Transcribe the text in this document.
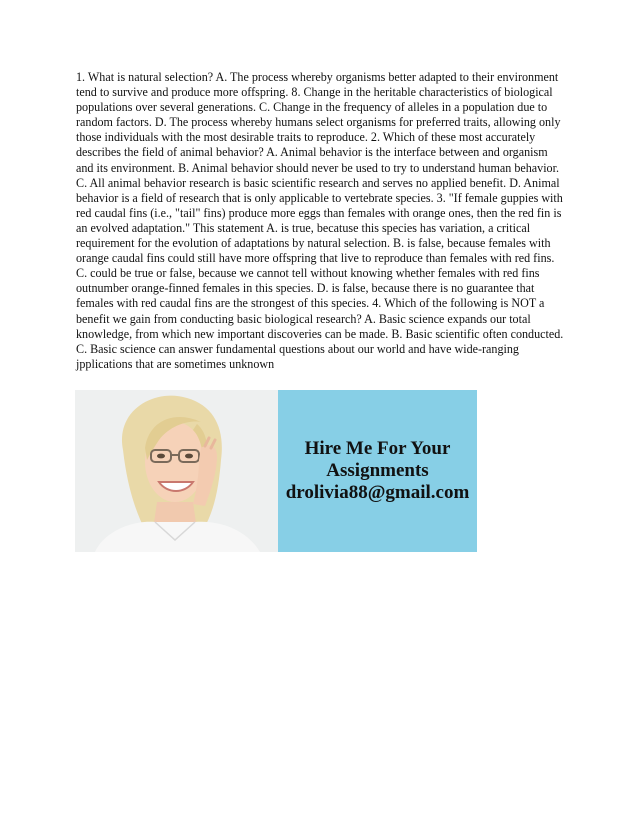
1. What is natural selection? A. The process whereby organisms better adapted to their environment tend to survive and produce more offspring. 8. Change in the heritable characteristics of biological populations over several generations. C. Change in the frequency of alleles in a population due to random factors. D. The process whereby humans select organisms for preferred traits, allowing only those individuals with the most desirable traits to reproduce. 2. Which of these most accurately describes the field of animal behavior? A. Animal behavior is the interface between and organism and its environment. B. Animal behavior should never be used to try to understand human behavior. C. All animal behavior research is basic scientific research and serves no applied benefit. D. Animal behavior is a field of research that is only applicable to vertebrate species. 3. "If female guppies with red caudal fins (i.e., "tail" fins) produce more eggs than females with orange ones, then the red fin is an evolved adaptation." This statement A. is true, becatuse this species has variation, a critical requirement for the evolution of adaptations by natural selection. B. is false, because females with orange caudal fins could still have more offspring that live to reproduce than females with red fins. C. could be true or false, because we cannot tell without knowing whether females with red fins outnumber orange-finned females in this species. D. is false, because there is no guarantee that females with red caudal fins are the strongest of this species. 4. Which of the following is NOT a benefit we gain from conducting basic biological research? A. Basic science expands our total knowledge, from which new important discoveries can be made. B. Basic scientific often conducted. C. Basic science can answer fundamental questions about our world and have wide-ranging jpplications that are sometimes unknown

Hire Me For Your
Assignments
drolivia88@gmail.com
